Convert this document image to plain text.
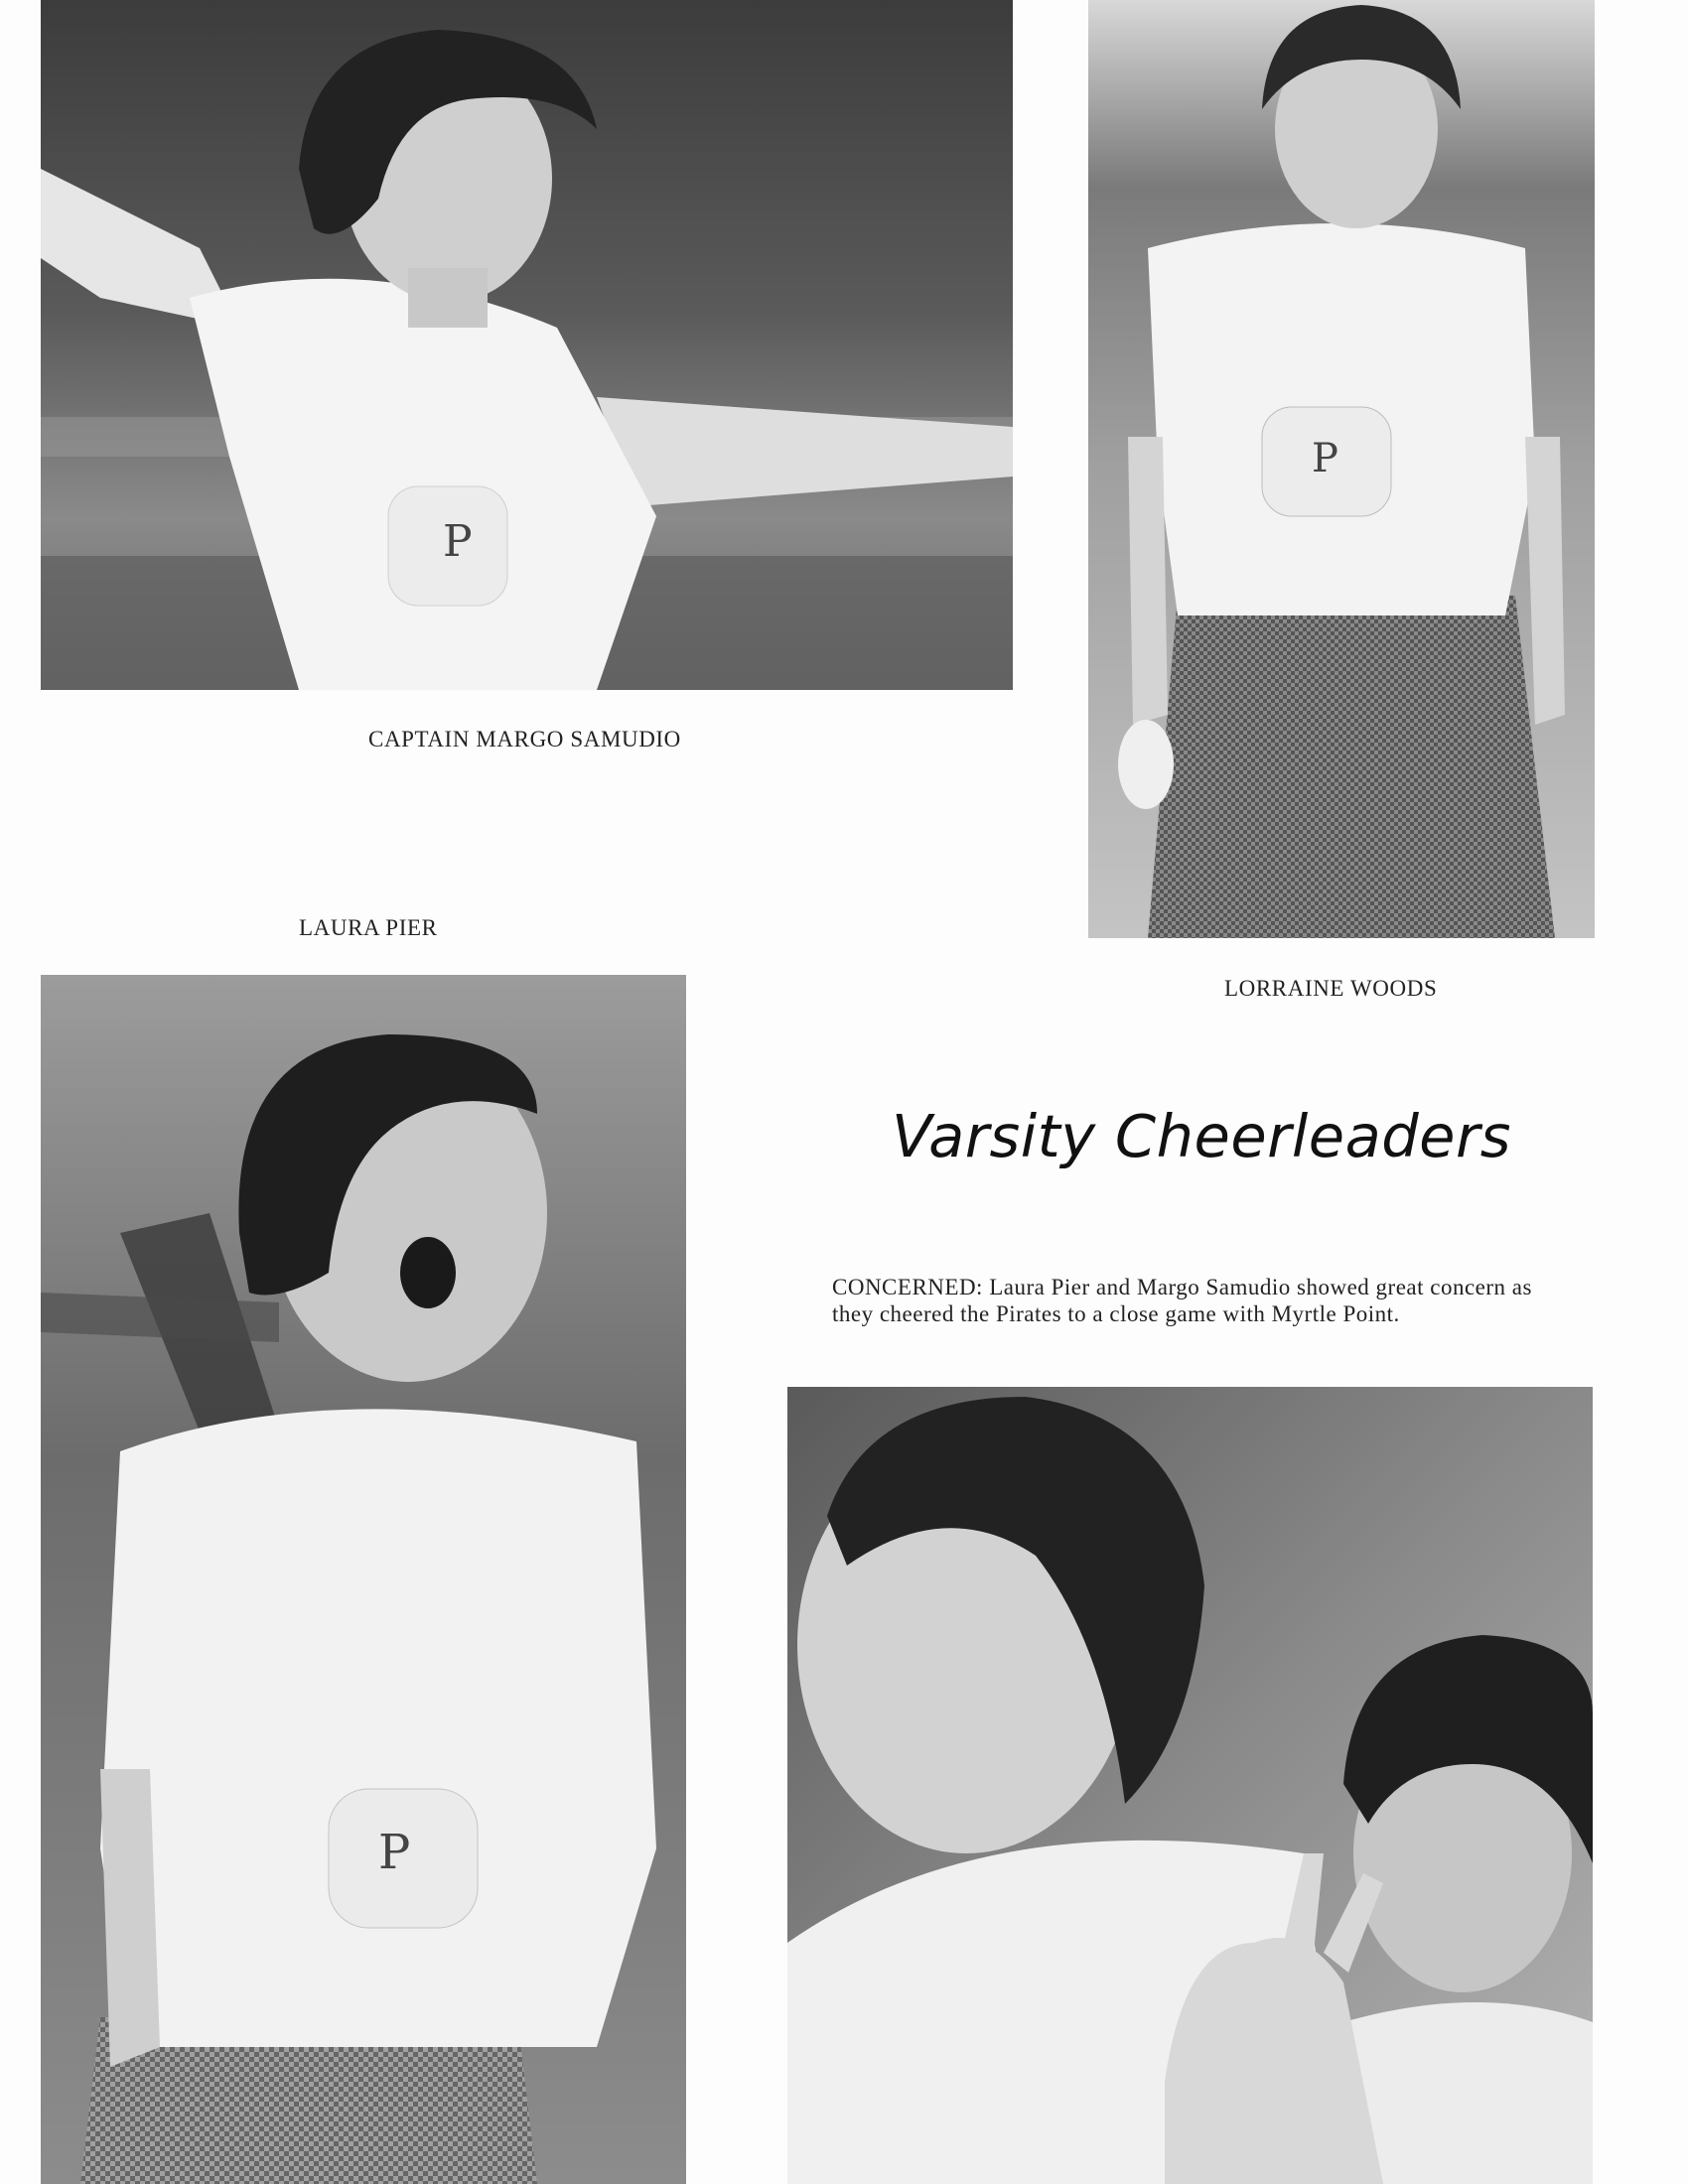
P
CAPTAIN MARGO SAMUDIO
P
LORRAINE WOODS
LAURA PIER
P
Varsity Cheerleaders
CONCERNED: Laura Pier and Margo Samudio showed great concern as they cheered the Pirates to a close game with Myrtle Point.
